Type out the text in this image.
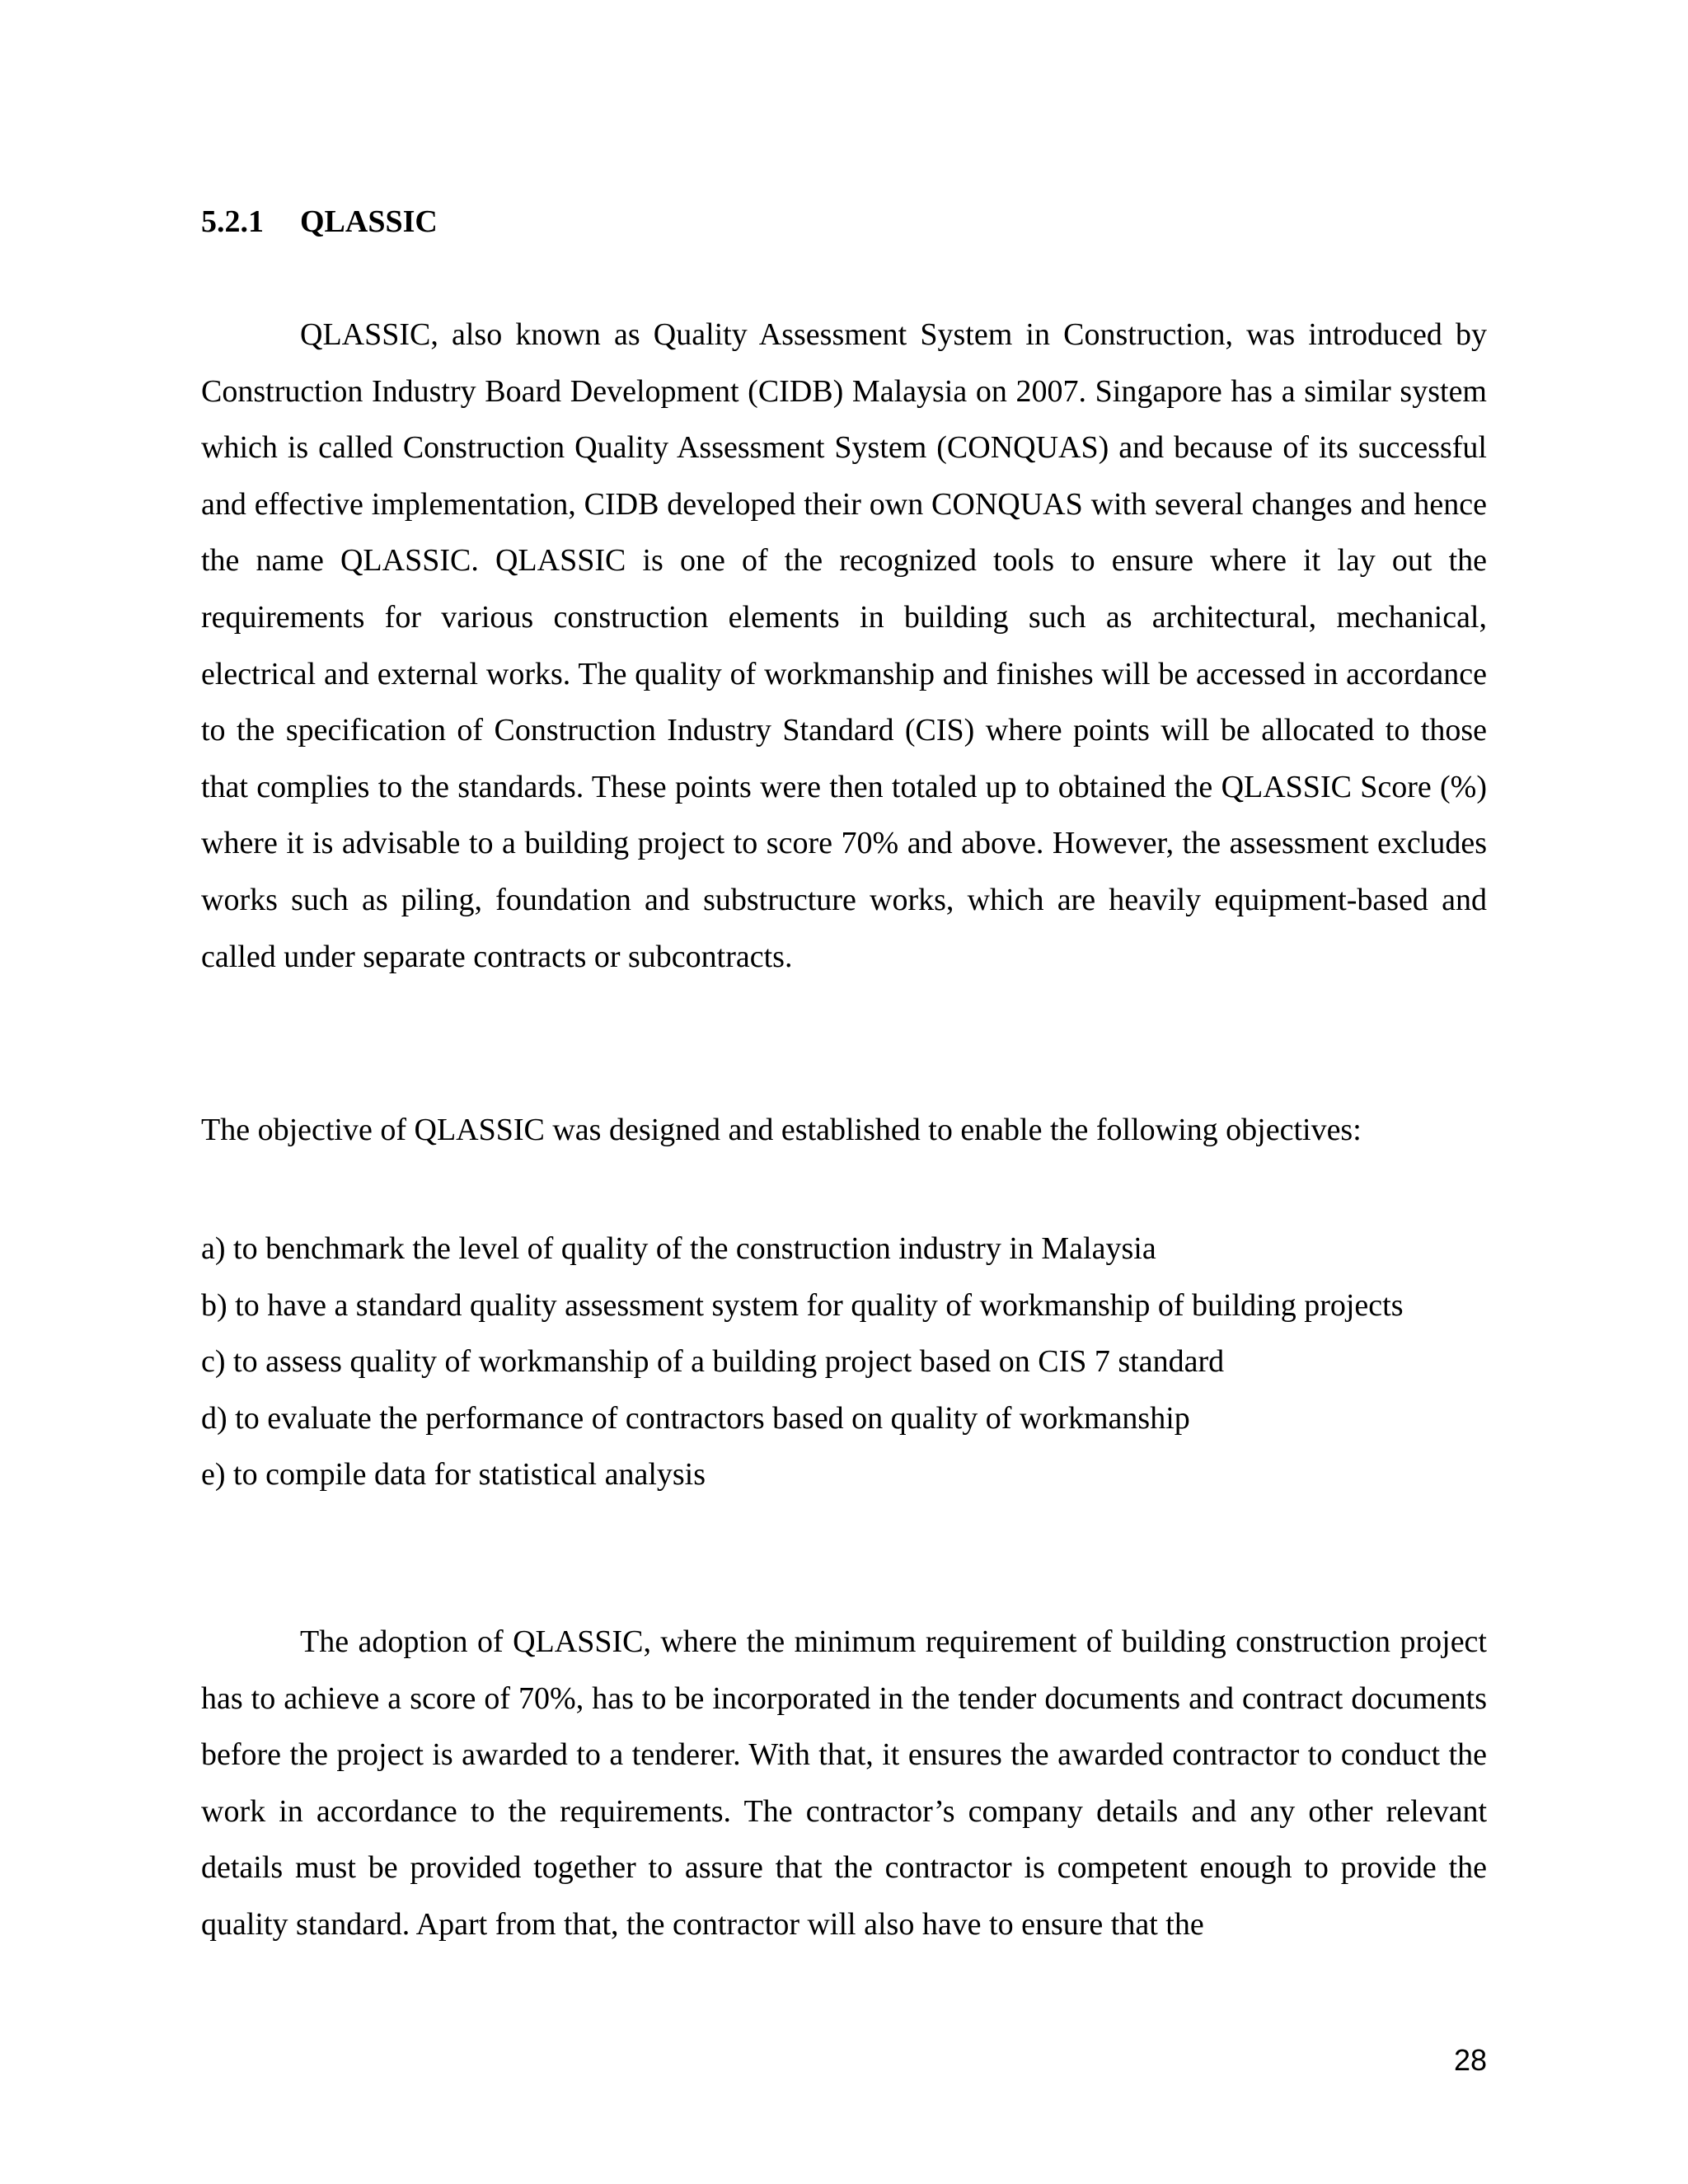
5.2.1 QLASSIC

QLASSIC, also known as Quality Assessment System in Construction, was introduced by Construction Industry Board Development (CIDB) Malaysia on 2007. Singapore has a similar system which is called Construction Quality Assessment System (CONQUAS) and because of its successful and effective implementation, CIDB developed their own CONQUAS with several changes and hence the name QLASSIC. QLASSIC is one of the recognized tools to ensure where it lay out the requirements for various construction elements in building such as architectural, mechanical, electrical and external works. The quality of workmanship and finishes will be accessed in accordance to the specification of Construction Industry Standard (CIS) where points will be allocated to those that complies to the standards. These points were then totaled up to obtained the QLASSIC Score (%) where it is advisable to a building project to score 70% and above. However, the assessment excludes works such as piling, foundation and substructure works, which are heavily equipment-based and called under separate contracts or subcontracts.

The objective of QLASSIC was designed and established to enable the following objectives:

a) to benchmark the level of quality of the construction industry in Malaysia
b) to have a standard quality assessment system for quality of workmanship of building projects
c) to assess quality of workmanship of a building project based on CIS 7 standard
d) to evaluate the performance of contractors based on quality of workmanship
e) to compile data for statistical analysis

The adoption of QLASSIC, where the minimum requirement of building construction project has to achieve a score of 70%, has to be incorporated in the tender documents and contract documents before the project is awarded to a tenderer. With that, it ensures the awarded contractor to conduct the work in accordance to the requirements. The contractor’s company details and any other relevant details must be provided together to assure that the contractor is competent enough to provide the quality standard. Apart from that, the contractor will also have to ensure that the

28
